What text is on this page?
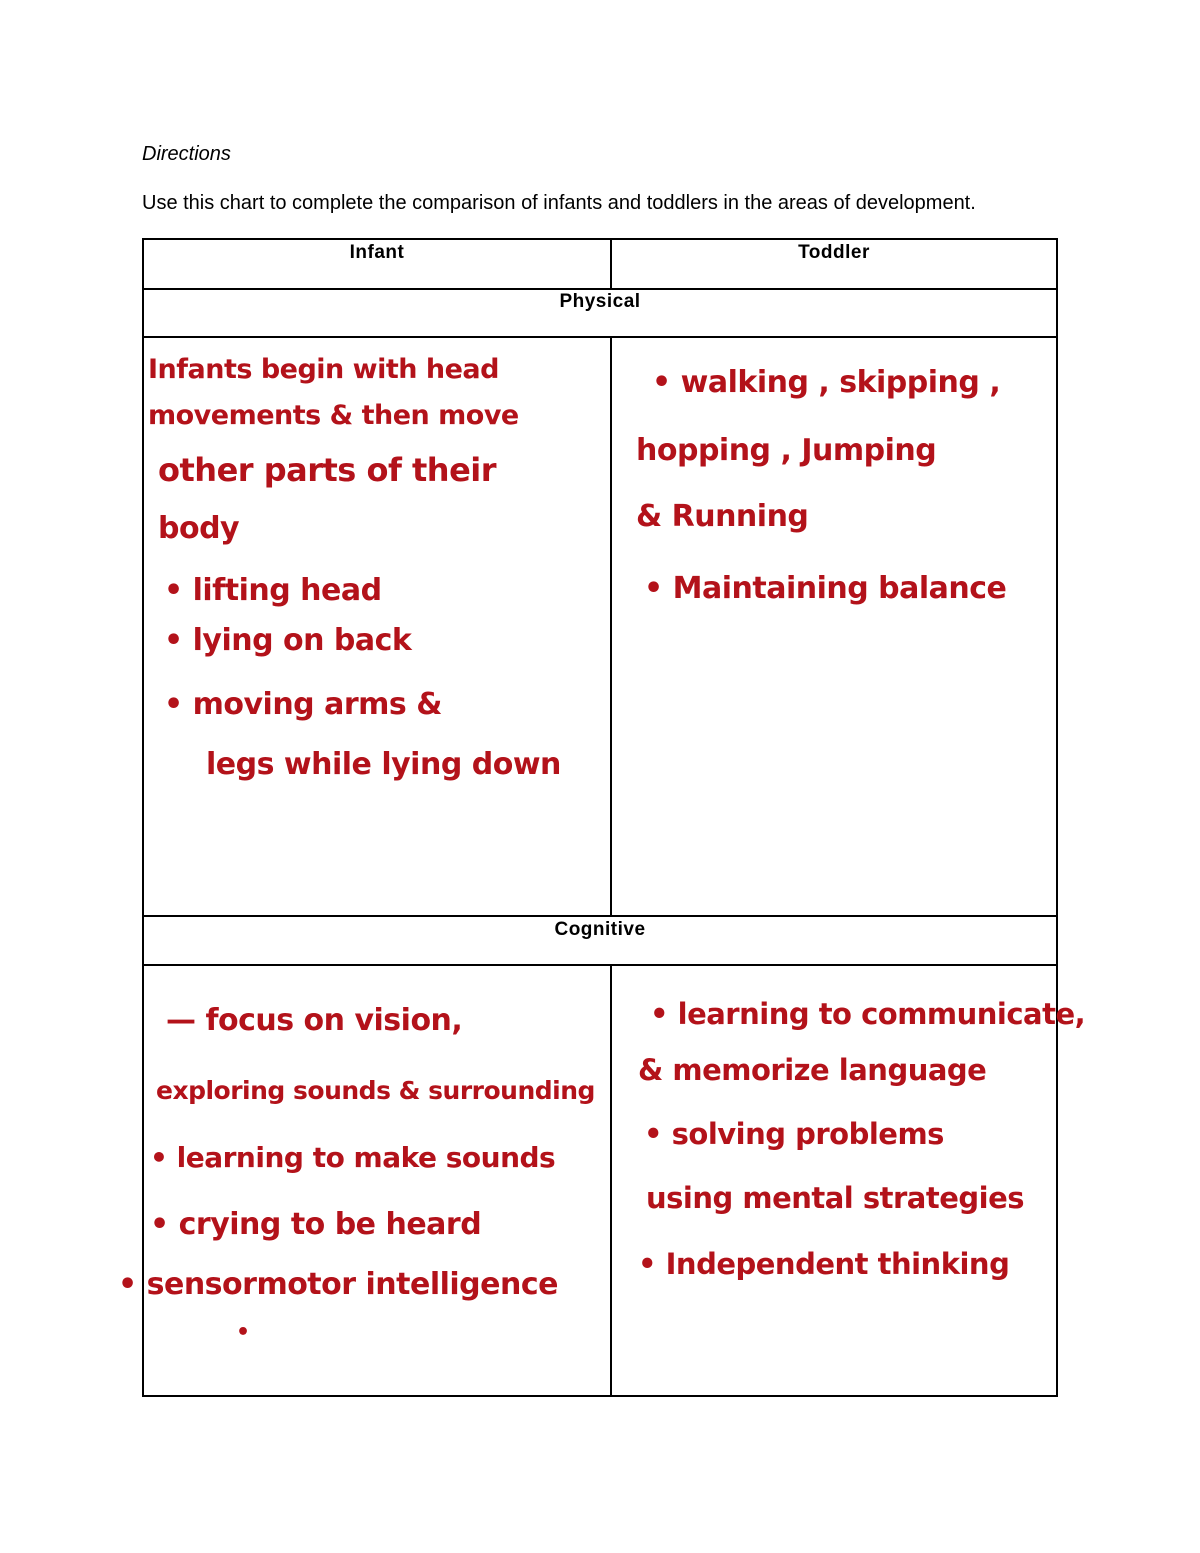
Directions

Use this chart to complete the comparison of infants and toddlers in the areas of development.

Infant	Toddler
Physical
Cognitive
Infants begin with head
movements & then move
other parts of their
body
• lifting head
• lying on back
• moving arms &
legs while lying down
• walking , skipping ,
hopping , Jumping
& Running
• Maintaining balance
— focus on vision,
exploring sounds & surrounding
• learning to make sounds
• crying to be heard
• sensormotor intelligence
•
• learning to communicate,
& memorize language
• solving problems
using mental strategies
• Independent thinking
